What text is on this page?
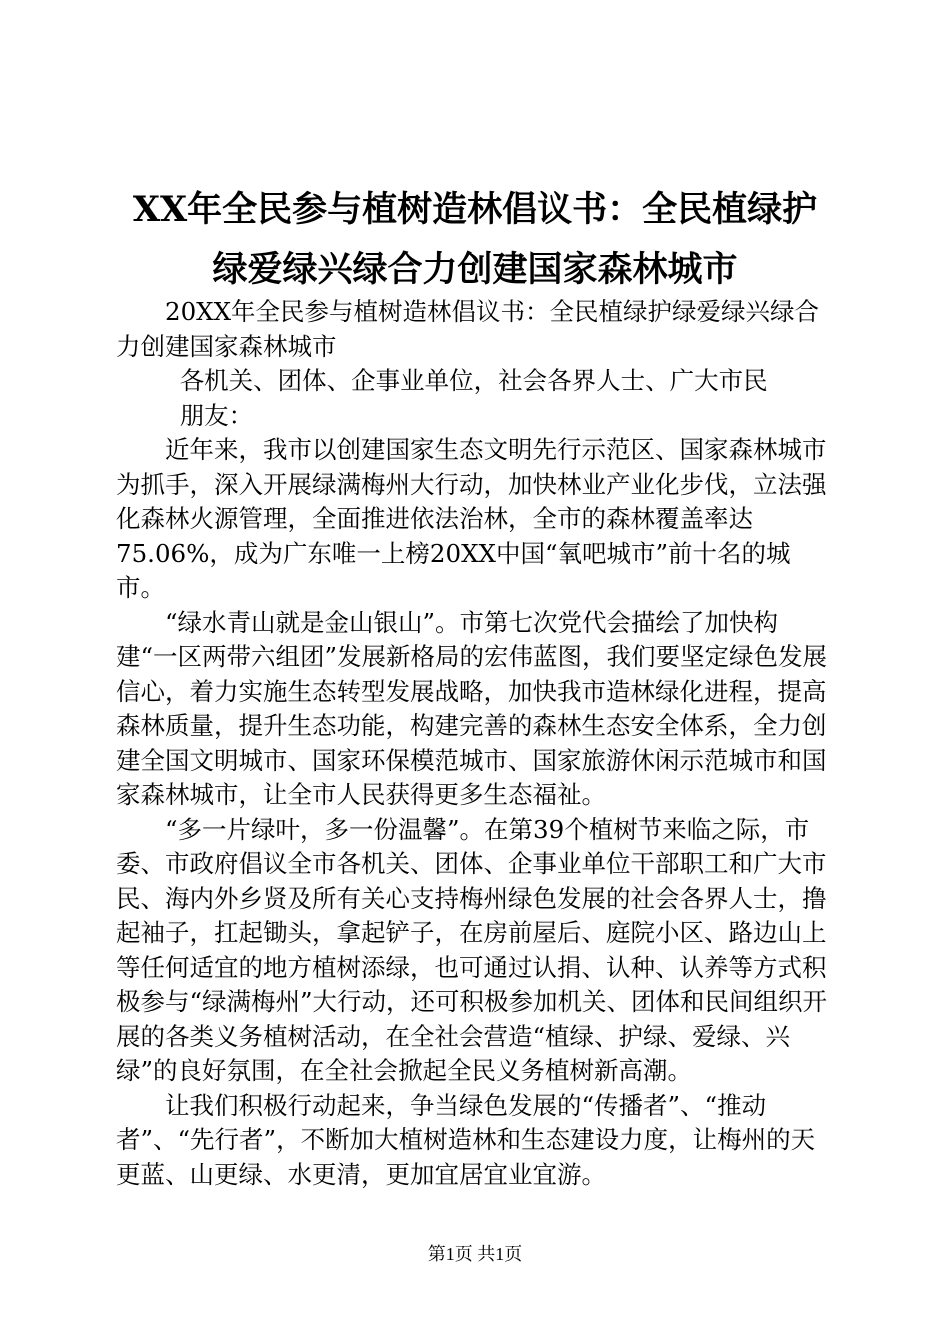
XX年全民参与植树造林倡议书：全民植绿护
绿爱绿兴绿合力创建国家森林城市

20XX年全民参与植树造林倡议书：全民植绿护绿爱绿兴绿合力创建国家森林城市

各机关、团体、企事业单位，社会各界人士、广大市民

朋友：

近年来，我市以创建国家生态文明先行示范区、国家森林城市为抓手，深入开展绿满梅州大行动，加快林业产业化步伐，立法强化森林火源管理，全面推进依法治林，全市的森林覆盖率达75.06%，成为广东唯一上榜20XX中国“氧吧城市”前十名的城市。

“绿水青山就是金山银山”。市第七次党代会描绘了加快构建“一区两带六组团”发展新格局的宏伟蓝图，我们要坚定绿色发展信心，着力实施生态转型发展战略，加快我市造林绿化进程，提高森林质量，提升生态功能，构建完善的森林生态安全体系，全力创建全国文明城市、国家环保模范城市、国家旅游休闲示范城市和国家森林城市，让全市人民获得更多生态福祉。

“多一片绿叶，多一份温馨”。在第39个植树节来临之际，市委、市政府倡议全市各机关、团体、企事业单位干部职工和广大市民、海内外乡贤及所有关心支持梅州绿色发展的社会各界人士，撸起袖子，扛起锄头，拿起铲子，在房前屋后、庭院小区、路边山上等任何适宜的地方植树添绿，也可通过认捐、认种、认养等方式积极参与“绿满梅州”大行动，还可积极参加机关、团体和民间组织开展的各类义务植树活动，在全社会营造“植绿、护绿、爱绿、兴绿”的良好氛围，在全社会掀起全民义务植树新高潮。

让我们积极行动起来，争当绿色发展的“传播者”、“推动者”、“先行者”，不断加大植树造林和生态建设力度，让梅州的天更蓝、山更绿、水更清，更加宜居宜业宜游。

第1页 共1页
